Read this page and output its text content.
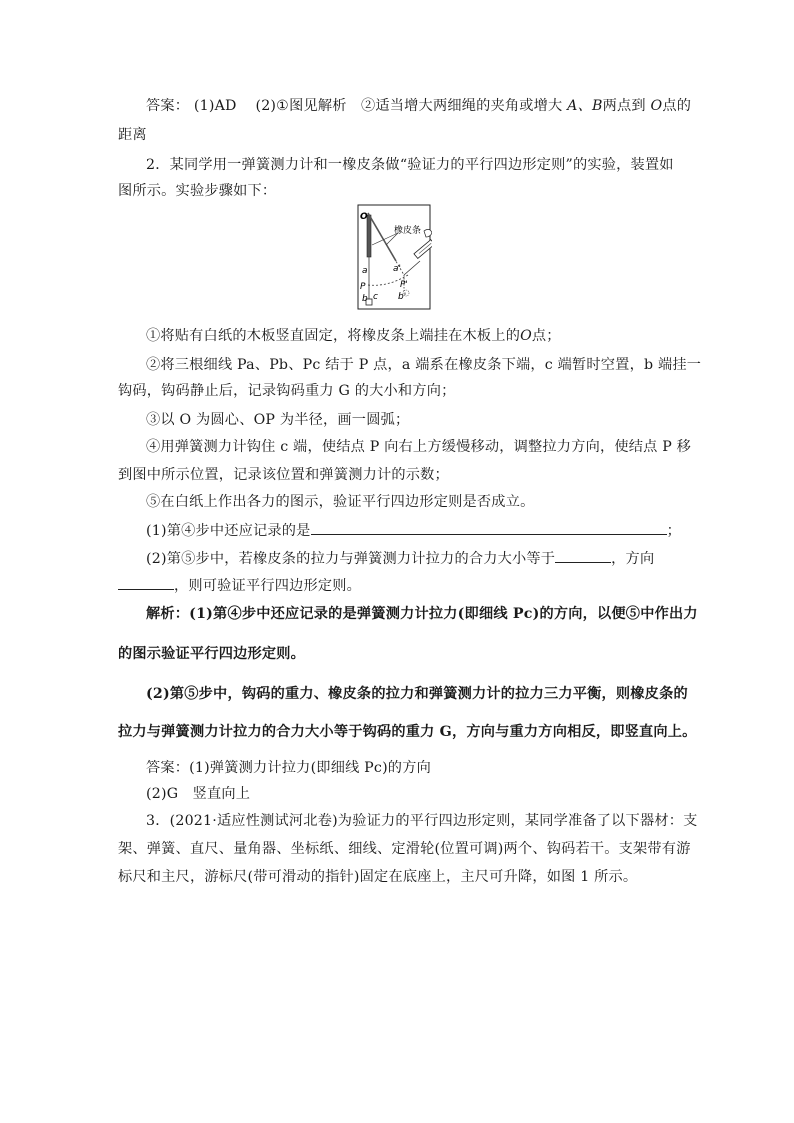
答案： (1)AD (2)①图见解析　②适当增大两细绳的夹角或增大 A、B两点到 O点的
距离
2．某同学用一弹簧测力计和一橡皮条做“验证力的平行四边形定则”的实验，装置如
图所示。实验步骤如下：
O
橡皮条
a	a'
P	P'
b c b'
①将贴有白纸的木板竖直固定，将橡皮条上端挂在木板上的O点；
②将三根细线 Pa、Pb、Pc 结于 P 点，a 端系在橡皮条下端，c 端暂时空置，b 端挂一
钩码，钩码静止后，记录钩码重力 G 的大小和方向；
③以 O 为圆心、OP 为半径，画一圆弧；
④用弹簧测力计钩住 c 端，使结点 P 向右上方缓慢移动，调整拉力方向，使结点 P 移
到图中所示位置，记录该位置和弹簧测力计的示数；
⑤在白纸上作出各力的图示，验证平行四边形定则是否成立。
(1)第④步中还应记录的是	；
(2)第⑤步中，若橡皮条的拉力与弹簧测力计拉力的合力大小等于	，方向
，则可验证平行四边形定则。
解析：(1)第④步中还应记录的是弹簧测力计拉力(即细线 Pc)的方向，以便⑤中作出力
的图示验证平行四边形定则。
(2)第⑤步中，钩码的重力、橡皮条的拉力和弹簧测力计的拉力三力平衡，则橡皮条的
拉力与弹簧测力计拉力的合力大小等于钩码的重力 G，方向与重力方向相反，即竖直向上。
答案：(1)弹簧测力计拉力(即细线 Pc)的方向
(2)G　竖直向上
3．(2021·适应性测试河北卷)为验证力的平行四边形定则，某同学准备了以下器材：支
架、弹簧、直尺、量角器、坐标纸、细线、定滑轮(位置可调)两个、钩码若干。支架带有游
标尺和主尺，游标尺(带可滑动的指针)固定在底座上，主尺可升降，如图 1 所示。
